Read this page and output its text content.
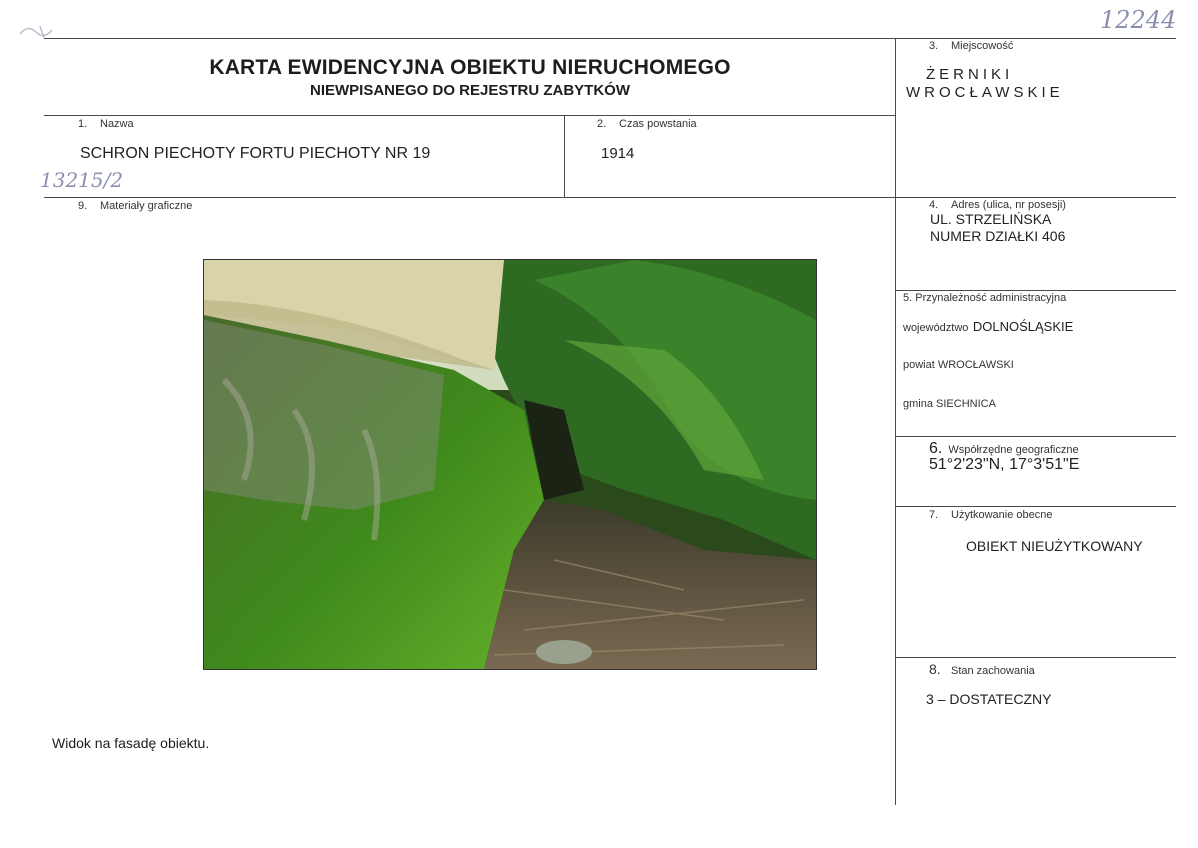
12244
13215/2
KARTA EWIDENCYJNA OBIEKTU NIERUCHOMEGO
NIEWPISANEGO DO REJESTRU ZABYTKÓW
1. Nazwa
SCHRON PIECHOTY FORTU PIECHOTY NR 19
2. Czas powstania
1914
3. Miejscowość
ŻERNIKI
WROCŁAWSKIE
4. Adres (ulica, nr posesji)
UL. STRZELIŃSKA
NUMER DZIAŁKI 406
5. Przynależność administracyjna
województwo DOLNOŚLĄSKIE
powiat WROCŁAWSKI
gmina SIECHNICA
6. Współrzędne geograficzne
51°2'23"N, 17°3'51"E
7. Użytkowanie obecne
OBIEKT NIEUŻYTKOWANY
8. Stan zachowania
3 – DOSTATECZNY
9. Materiały graficzne
Widok na fasadę obiektu.
